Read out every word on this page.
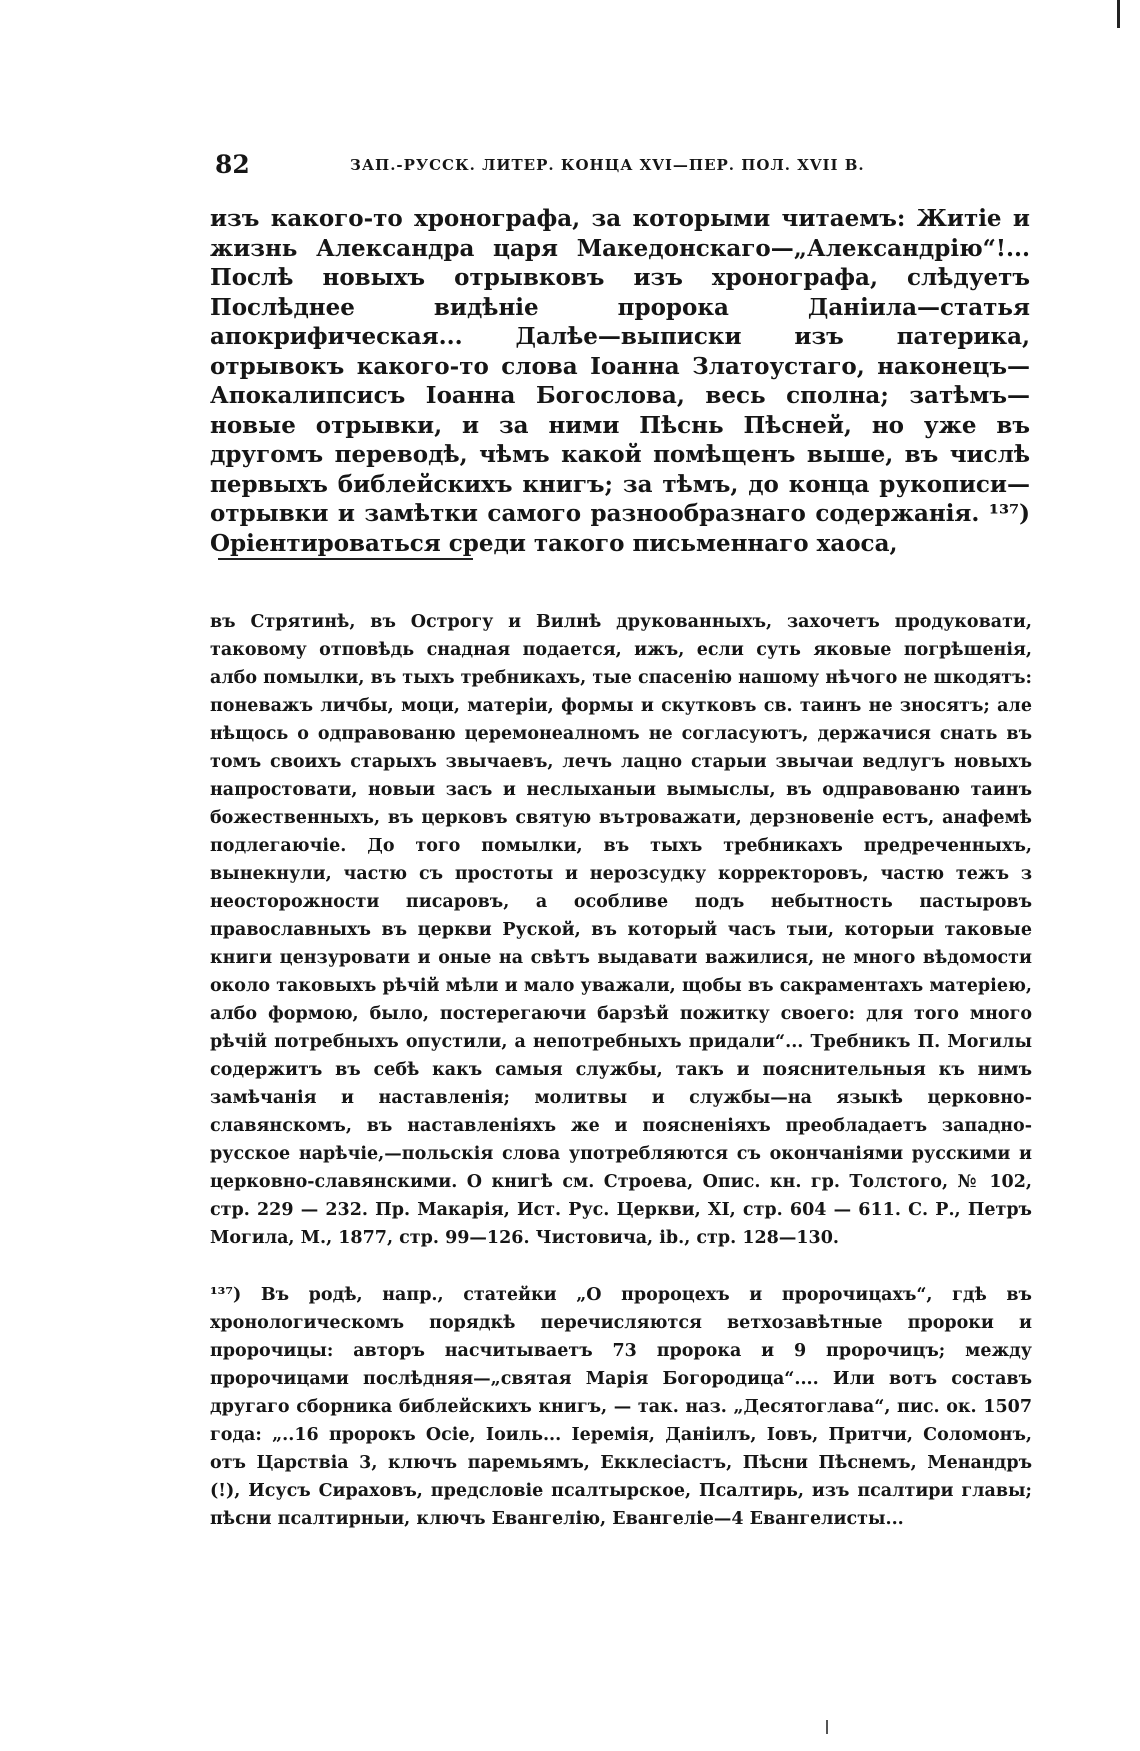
82	ЗАП.-РУССК. ЛИТЕР. КОНЦА XVI—ПЕР. ПОЛ. XVII В.
изъ какого-то хронографа, за которыми читаемъ: Житіе и жизнь Александра царя Македонскаго—„Александрію“!... Послѣ новыхъ отрывковъ изъ хронографа, слѣдуетъ Послѣднее видѣніе пророка Данiила—статья апокрифическая... Далѣе—выписки изъ патерика, отрывокъ какого-то слова Іоанна Златоустаго, наконецъ— Апокалипсисъ Іоанна Богослова, весь сполна; затѣмъ—новые отрывки, и за ними Пѣснь Пѣсней, но уже въ другомъ переводѣ, чѣмъ какой помѣщенъ выше, въ числѣ первыхъ библейскихъ книгъ; за тѣмъ, до конца рукописи—отрывки и замѣтки самого разнообразнаго содержанія. ¹³⁷) Оріентироваться среди такого письменнаго хаоса,

въ Стрятинѣ, въ Острогу и Вилнѣ друкованныхъ, захочетъ продуковати, таковому отповѣдь снадная подается, ижъ, если суть яковые погрѣшенія, албо помылки, въ тыхъ требникахъ, тые спасенію нашому нѣчого не шкодятъ: поневажъ личбы, моци, матеріи, формы и скутковъ св. таинъ не зносятъ; але нѣщось о одправованю церемонеалномъ не согласуютъ, держачися снать въ томъ своихъ старыхъ звычаевъ, лечъ лацно старыи звычаи ведлугъ новыхъ напростовати, новыи засъ и неслыханыи вымыслы, въ одправованю таинъ божественныхъ, въ церковъ святую вътроважати, дерзновеніе естъ, анафемѣ подлегаючіе. До того помылки, въ тыхъ требникахъ предреченныхъ, вынекнули, частю съ простоты и нерозсудку корректоровъ, частю тежъ з неосторожности писаровъ, а особливе подъ небытность пастыровъ православныхъ въ церкви Руской, въ который часъ тыи, которыи таковые книги цензуровати и оные на свѣтъ выдавати важилися, не много вѣдомости около таковыхъ рѣчій мѣли и мало уважали, щобы въ сакраментахъ матеріею, албо формою, было, постерегаючи барзѣй пожитку своего: для того много рѣчій потребныхъ опустили, а непотребныхъ придали“... Требникъ П. Могилы содержитъ въ себѣ какъ самыя службы, такъ и пояснительныя къ нимъ замѣчанія и наставленія; молитвы и службы—на языкѣ церковно-славянскомъ, въ наставленіяхъ же и поясненіяхъ преобладаетъ западно-русское нарѣчіе,—польскія слова употребляются съ окончаніями русскими и церковно-славянскими. О книгѣ см. Строева, Опис. кн. гр. Толстого, № 102, стр. 229 — 232. Пр. Макарія, Ист. Рус. Церкви, XI, стр. 604 — 611. С. Р., Петръ Могила, М., 1877, стр. 99—126. Чистовича, ib., стр. 128—130.

¹³⁷) Въ родѣ, напр., статейки „О пророцехъ и пророчицахъ“, гдѣ въ хронологическомъ порядкѣ перечисляются ветхозавѣтные пророки и пророчицы: авторъ насчитываетъ 73 пророка и 9 пророчицъ; между пророчицами послѣдняя—„святая Марія Богородица“.... Или вотъ составъ другаго сборника библейскихъ книгъ, — так. наз. „Десятоглава“, пис. ок. 1507 года: „..16 пророкъ Осіе, Іоиль... Іеремія, Даніилъ, Іовъ, Притчи, Соломонъ, отъ Царствіа 3, ключъ паремьямъ, Екклесіастъ, Пѣсни Пѣснемъ, Менандръ (!), Исусъ Сираховъ, предсловіе псалтырское, Псалтирь, изъ псалтири главы; пѣсни псалтирныи, ключъ Евангелію, Евангеліе—4 Евангелисты...
